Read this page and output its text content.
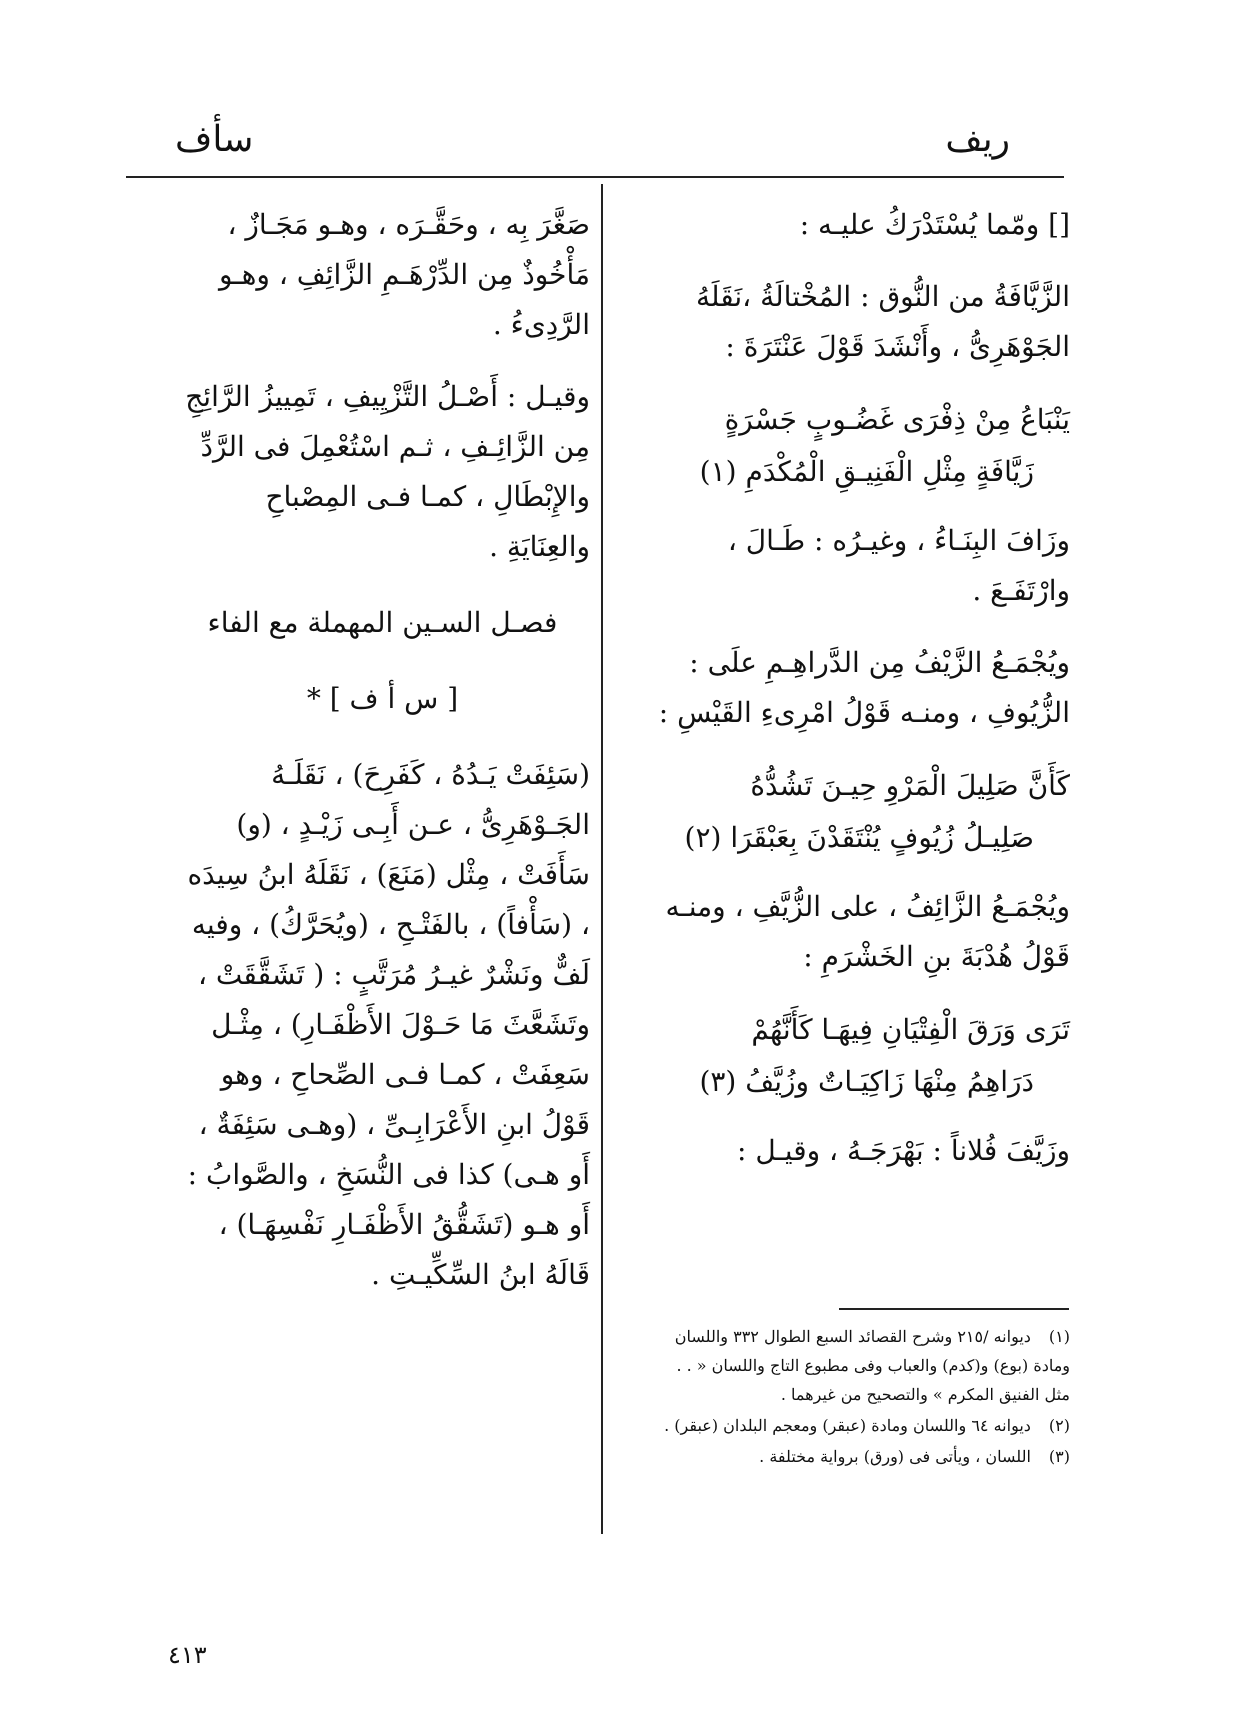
ريف
سأف

[] ومّما يُسْتَدْرَكُ عليـه :

الزَّيَّافَةُ من النُّوق : المُخْتالَةُ ،نَقَلَهُ الجَوْهَرِىُّ ، وأَنْشَدَ قَوْلَ عَنْتَرَةَ :

يَنْبَاعُ مِنْ ذِفْرَى غَضُـوبٍ جَسْرَةٍ
زَيَّافَةٍ مِثْلِ الْفَنِيـقِ الْمُكْدَمِ (١)

وزَافَ البِنَـاءُ ، وغيـرُه : طَـالَ ، وارْتَفَـعَ .

ويُجْمَـعُ الزَّيْفُ مِن الدَّراهِـمِ علَى : الزُّيُوفِ ، ومنـه قَوْلُ امْرِىءِ القَيْسِ :

كَأَنَّ صَلِيلَ الْمَرْوِ حِيـنَ تَشُدُّهُ
صَلِيـلُ زُيُوفٍ يُنْتَقَدْنَ بِعَبْقَرَا (٢)

ويُجْمَـعُ الزَّائِفُ ، على الزُّيَّفِ ، ومنـه قَوْلُ هُدْبَةَ بنِ الخَشْرَمِ :

تَرَى وَرَقَ الْفِتْيَانِ فِيهَـا كَأَنَّهُمْ
دَرَاهِمُ مِنْهَا زَاكِيَـاتٌ وزُيَّفُ (٣)

وزَيَّفَ فُلاناً : بَهْرَجَـهُ ، وقيـل :

(١) ديوانه /٢١٥ وشرح القصائد السبع الطوال ٣٣٢ واللسان ومادة (بوع) و(كدم) والعباب وفى مطبوع التاج واللسان « . . مثل الفنيق المكرم » والتصحيح من غيرهما .
(٢) ديوانه ٦٤ واللسان ومادة (عبقر) ومعجم البلدان (عبقر) .
(٣) اللسان ، ويأتى فى (ورق) برواية مختلفة .

صَغَّرَ بِه ، وحَقَّـرَه ، وهـو مَجَـازٌ ، مَأْخُوذٌ مِن الدِّرْهَـمِ الزَّائِفِ ، وهـو الرَّدِىءُ .

وقيـل : أَصْـلُ التَّزْيِيفِ ، تَمِييزُ الرَّائِجِ مِن الزَّائِـفِ ، ثـم اسْتُعْمِلَ فى الرَّدِّ والإِبْطَالِ ، كمـا فـى المِصْباحِ والعِنَايَةِ .

فصـل السـين المهملة مع الفاء
[ س أ ف ] *

(سَئِفَتْ يَـدُهُ ، كَفَرِحَ) ، نَقَلَـهُ الجَـوْهَرِىُّ ، عـن أَبِـى زَيْـدٍ ، (و) سَأَفَتْ ، مِثْل (مَنَعَ) ، نَقَلَهُ ابنُ سِيدَه ، (سَأْفاً) ، بالفَتْـحِ ، (ويُحَرَّكُ) ، وفيه لَفٌّ ونَشْرٌ غيـرُ مُرَتَّبٍ : ( تَشَقَّقَتْ ، وتَشَعَّثَ مَا حَـوْلَ الأَظْفَـارِ) ، مِثْـل سَعِفَتْ ، كمـا فـى الصِّحاحِ ، وهو قَوْلُ ابنِ الأَعْرَابِـىِّ ، (وهـى سَئِفَةٌ ، أَو هـى) كذا فى النُّسَخِ ، والصَّوابُ : أَو هـو (تَشَقُّقُ الأَظْفَـارِ نَفْسِهَـا) ، قَالَهُ ابنُ السِّكِّيـتِ .

٤١٣
